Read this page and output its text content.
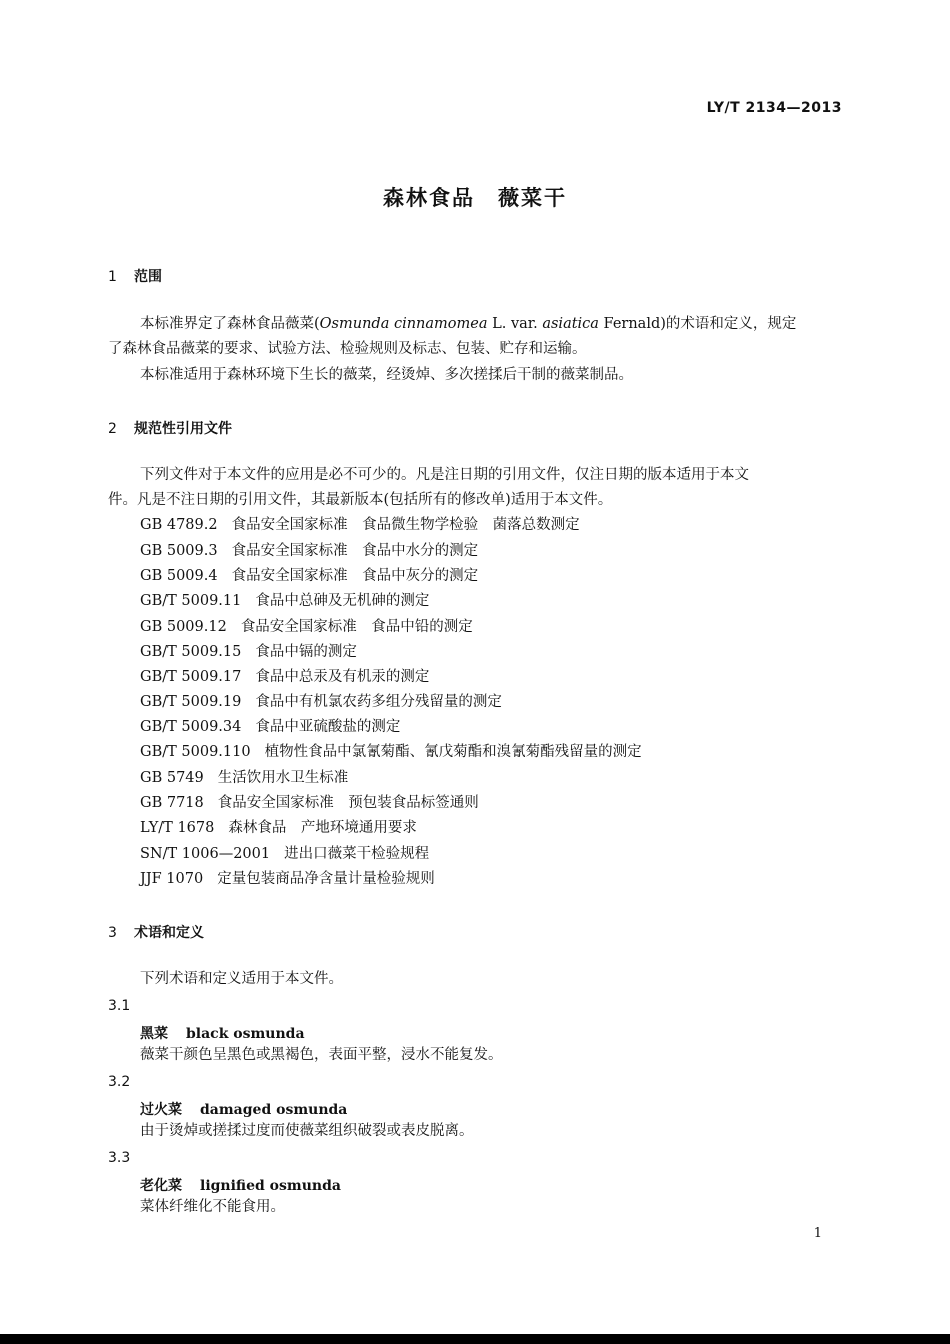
LY/T 2134—2013
森林食品　薇菜干
1 范围
本标准界定了森林食品薇菜(Osmunda cinnamomea L. var. asiatica Fernald)的术语和定义，规定
了森林食品薇菜的要求、试验方法、检验规则及标志、包装、贮存和运输。
本标准适用于森林环境下生长的薇菜，经烫焯、多次搓揉后干制的薇菜制品。
2 规范性引用文件
下列文件对于本文件的应用是必不可少的。凡是注日期的引用文件，仅注日期的版本适用于本文
件。凡是不注日期的引用文件，其最新版本(包括所有的修改单)适用于本文件。
GB 4789.2 食品安全国家标准　食品微生物学检验　菌落总数测定
GB 5009.3 食品安全国家标准　食品中水分的测定
GB 5009.4 食品安全国家标准　食品中灰分的测定
GB/T 5009.11 食品中总砷及无机砷的测定
GB 5009.12 食品安全国家标准　食品中铅的测定
GB/T 5009.15 食品中镉的测定
GB/T 5009.17 食品中总汞及有机汞的测定
GB/T 5009.19 食品中有机氯农药多组分残留量的测定
GB/T 5009.34 食品中亚硫酸盐的测定
GB/T 5009.110 植物性食品中氯氰菊酯、氰戊菊酯和溴氰菊酯残留量的测定
GB 5749 生活饮用水卫生标准
GB 7718 食品安全国家标准　预包装食品标签通则
LY/T 1678 森林食品　产地环境通用要求
SN/T 1006—2001 进出口薇菜干检验规程
JJF 1070 定量包装商品净含量计量检验规则
3 术语和定义
下列术语和定义适用于本文件。
3.1
黑菜 black osmunda
薇菜干颜色呈黑色或黑褐色，表面平整，浸水不能复发。
3.2
过火菜 damaged osmunda
由于烫焯或搓揉过度而使薇菜组织破裂或表皮脱离。
3.3
老化菜 lignified osmunda
菜体纤维化不能食用。
1
